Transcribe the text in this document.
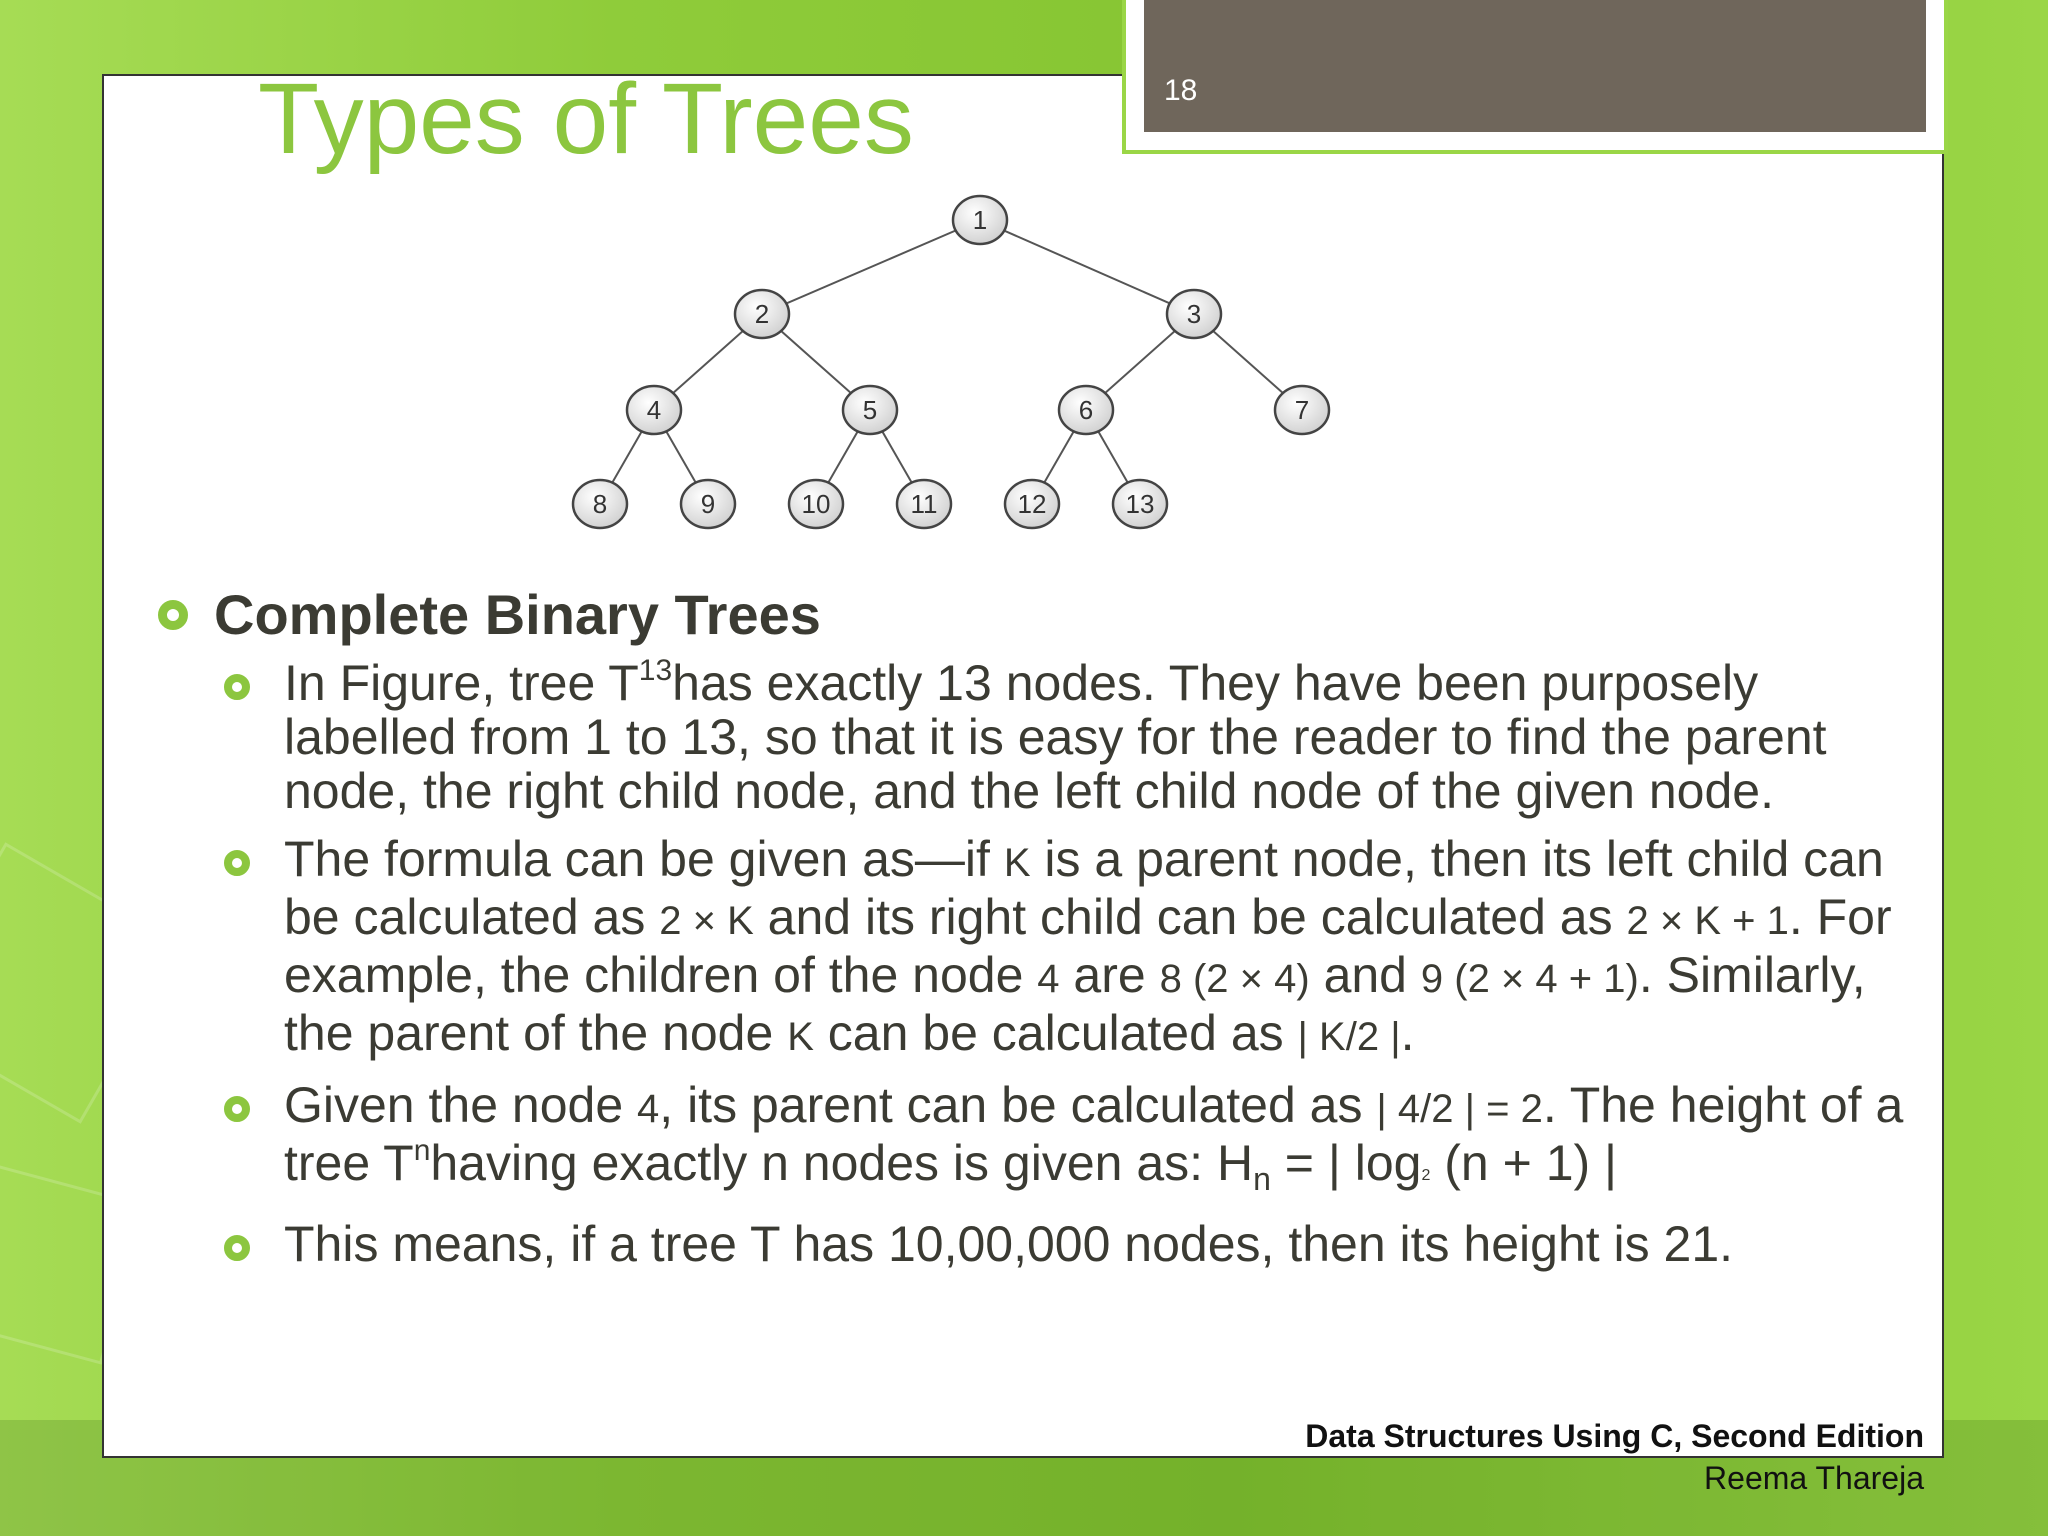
18
Types of Trees
1
2	3
4	5	6	7
8	9	10	11	12	13
Complete Binary Trees
In Figure, tree $T^{13}has$ exactly 13 nodes. They have been purposely labelled from 1 to 13, so that it is easy for the reader to find the parent node, the right child node, and the left child node of the given node.
The formula can be given as—if K is a parent node, then its left child can be calculated as 2 × K and its right child can be calculated as 2 × K + 1. For example, the children of the node 4 are 8 (2 × 4) and 9 (2 × 4 + 1). Similarly, the parent of the node K can be calculated as | K/2 |.
Given the node 4, its parent can be calculated as | 4/2 | = 2. The height of a tree $T^nhaving$ exactly n nodes is given as: $H_n$ = | log2 (n + 1) |
This means, if a tree T has 10,00,000 nodes, then its height is 21.
Data Structures Using C, Second Edition
Reema Thareja
